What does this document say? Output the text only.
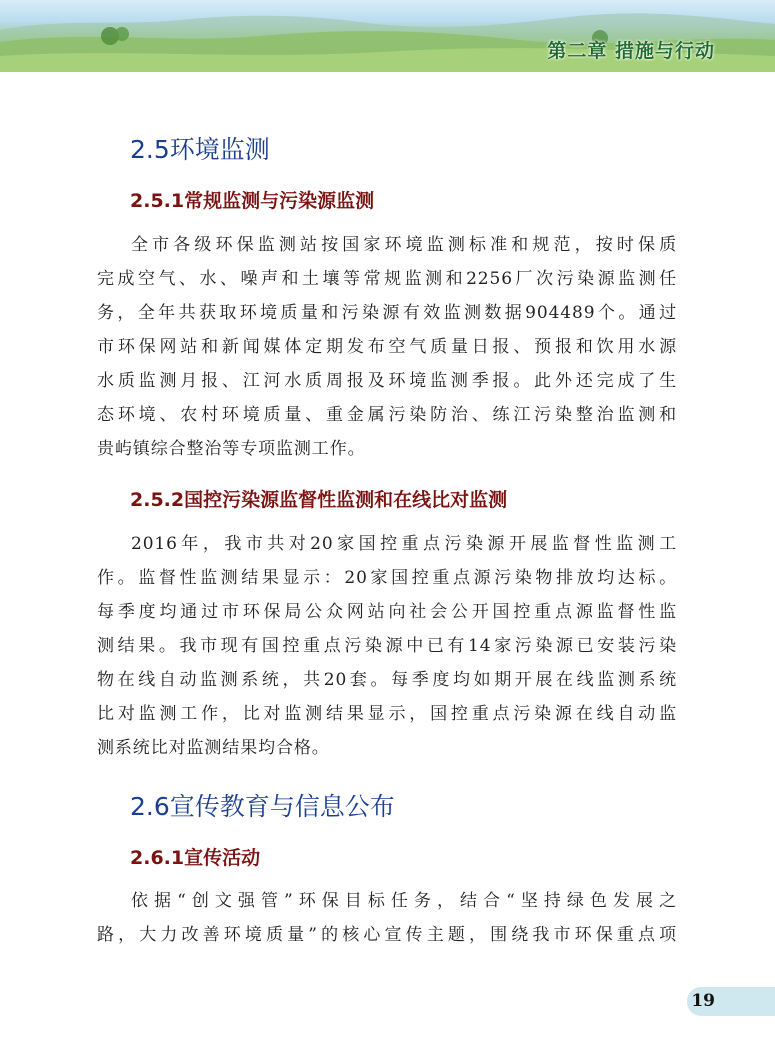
第二章 措施与行动
2.5环境监测
2.5.1常规监测与污染源监测
全市各级环保监测站按国家环境监测标准和规范，按时保质
完成空气、水、噪声和土壤等常规监测和2256厂次污染源监测任
务，全年共获取环境质量和污染源有效监测数据904489个。通过
市环保网站和新闻媒体定期发布空气质量日报、预报和饮用水源
水质监测月报、江河水质周报及环境监测季报。此外还完成了生
态环境、农村环境质量、重金属污染防治、练江污染整治监测和
贵屿镇综合整治等专项监测工作。
2.5.2国控污染源监督性监测和在线比对监测
2016年，我市共对20家国控重点污染源开展监督性监测工
作。监督性监测结果显示：20家国控重点源污染物排放均达标。
每季度均通过市环保局公众网站向社会公开国控重点源监督性监
测结果。我市现有国控重点污染源中已有14家污染源已安装污染
物在线自动监测系统，共20套。每季度均如期开展在线监测系统
比对监测工作，比对监测结果显示，国控重点污染源在线自动监
测系统比对监测结果均合格。
2.6宣传教育与信息公布
2.6.1宣传活动
依据“创文强管”环保目标任务，结合“坚持绿色发展之
路，大力改善环境质量”的核心宣传主题，围绕我市环保重点项
19
